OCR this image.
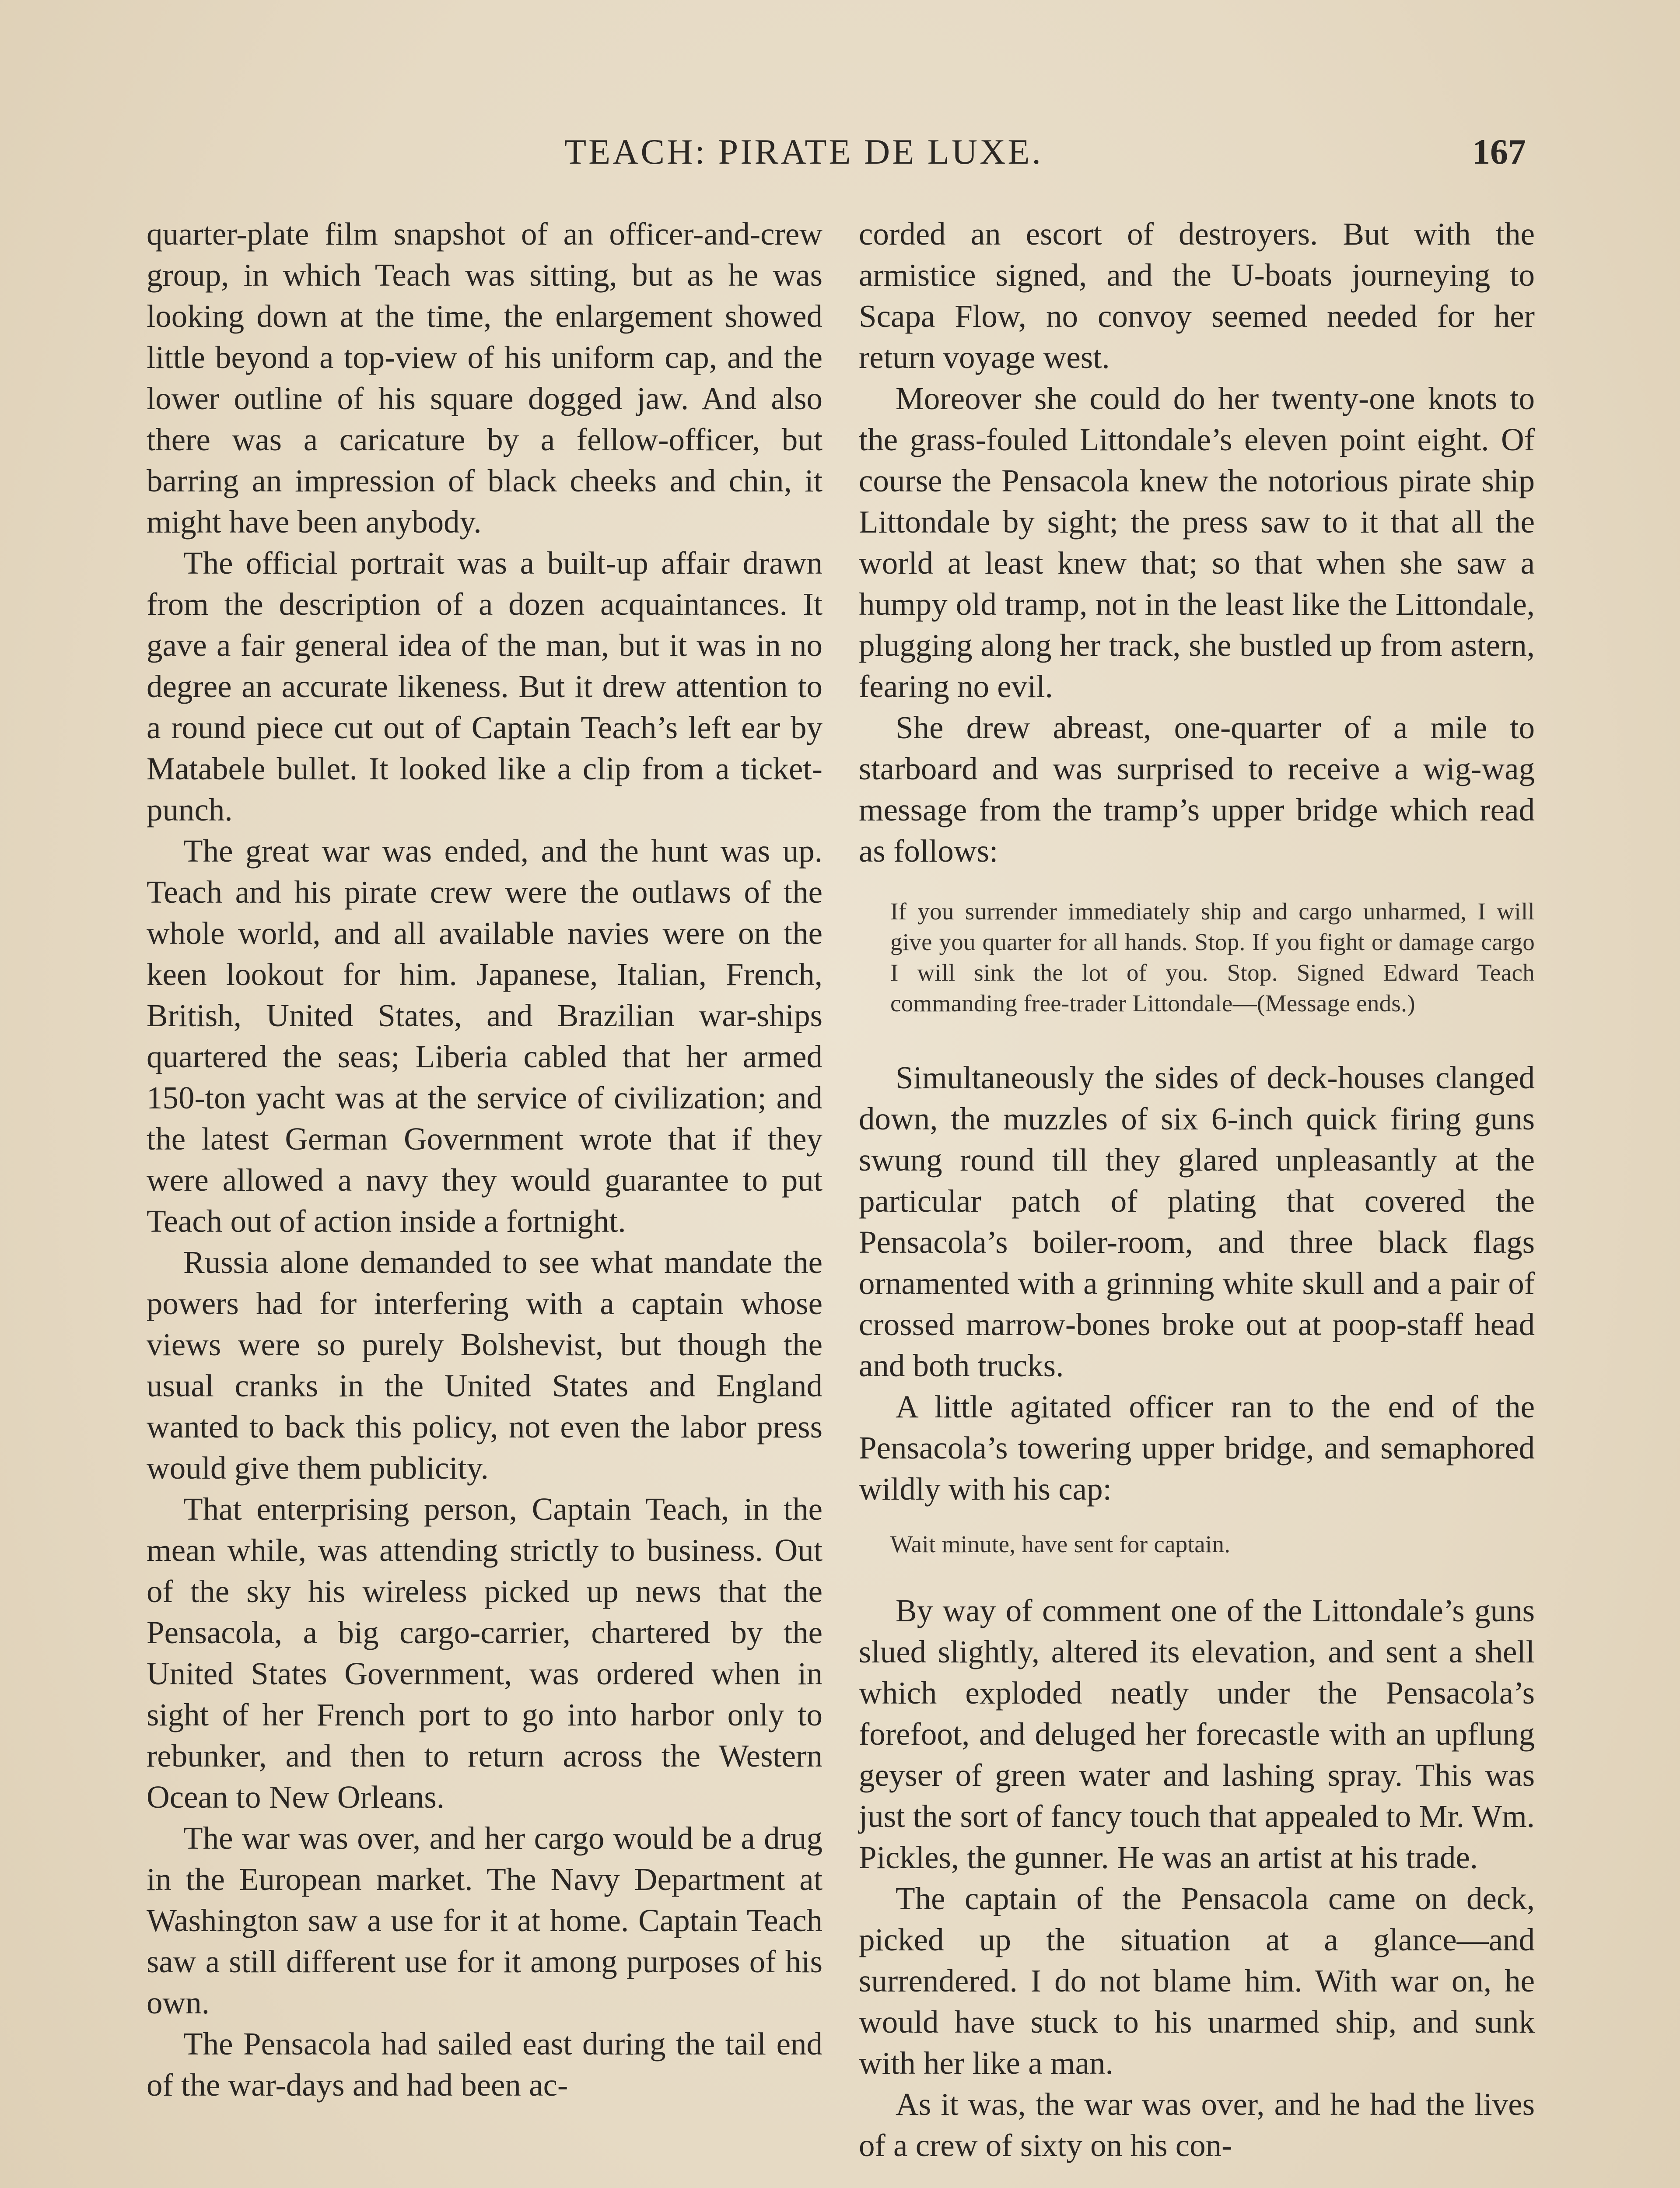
TEACH: PIRATE DE LUXE.	167

quarter-plate film snapshot of an officer-and-crew group, in which Teach was sitting, but as he was looking down at the time, the enlargement showed little beyond a top-view of his uniform cap, and the lower outline of his square dogged jaw. And also there was a caricature by a fellow-officer, but barring an impression of black cheeks and chin, it might have been anybody.

The official portrait was a built-up affair drawn from the description of a dozen acquaintances. It gave a fair general idea of the man, but it was in no degree an accurate likeness. But it drew attention to a round piece cut out of Captain Teach’s left ear by Matabele bullet. It looked like a clip from a ticket-punch.

The great war was ended, and the hunt was up. Teach and his pirate crew were the outlaws of the whole world, and all available navies were on the keen lookout for him. Japanese, Italian, French, British, United States, and Brazilian war-ships quartered the seas; Liberia cabled that her armed 150-ton yacht was at the service of civilization; and the latest German Government wrote that if they were allowed a navy they would guarantee to put Teach out of action inside a fortnight.

Russia alone demanded to see what mandate the powers had for interfering with a captain whose views were so purely Bolshevist, but though the usual cranks in the United States and England wanted to back this policy, not even the labor press would give them publicity.

That enterprising person, Captain Teach, in the mean while, was attending strictly to business. Out of the sky his wireless picked up news that the Pensacola, a big cargo-carrier, chartered by the United States Government, was ordered when in sight of her French port to go into harbor only to rebunker, and then to return across the Western Ocean to New Orleans.

The war was over, and her cargo would be a drug in the European market. The Navy Department at Washington saw a use for it at home. Captain Teach saw a still different use for it among purposes of his own.

The Pensacola had sailed east during the tail end of the war-days and had been ac-

corded an escort of destroyers. But with the armistice signed, and the U-boats journeying to Scapa Flow, no convoy seemed needed for her return voyage west.

Moreover she could do her twenty-one knots to the grass-fouled Littondale’s eleven point eight. Of course the Pensacola knew the notorious pirate ship Littondale by sight; the press saw to it that all the world at least knew that; so that when she saw a humpy old tramp, not in the least like the Littondale, plugging along her track, she bustled up from astern, fearing no evil.

She drew abreast, one-quarter of a mile to starboard and was surprised to receive a wig-wag message from the tramp’s upper bridge which read as follows:

If you surrender immediately ship and cargo unharmed, I will give you quarter for all hands. Stop. If you fight or damage cargo I will sink the lot of you. Stop. Signed Edward Teach commanding free-trader Littondale—(Message ends.)

Simultaneously the sides of deck-houses clanged down, the muzzles of six 6-inch quick firing guns swung round till they glared unpleasantly at the particular patch of plating that covered the Pensacola’s boiler-room, and three black flags ornamented with a grinning white skull and a pair of crossed marrow-bones broke out at poop-staff head and both trucks.

A little agitated officer ran to the end of the Pensacola’s towering upper bridge, and semaphored wildly with his cap:

Wait minute, have sent for captain.

By way of comment one of the Littondale’s guns slued slightly, altered its elevation, and sent a shell which exploded neatly under the Pensacola’s forefoot, and deluged her forecastle with an upflung geyser of green water and lashing spray. This was just the sort of fancy touch that appealed to Mr. Wm. Pickles, the gunner. He was an artist at his trade.

The captain of the Pensacola came on deck, picked up the situation at a glance—and surrendered. I do not blame him. With war on, he would have stuck to his unarmed ship, and sunk with her like a man.

As it was, the war was over, and he had the lives of a crew of sixty on his con-
